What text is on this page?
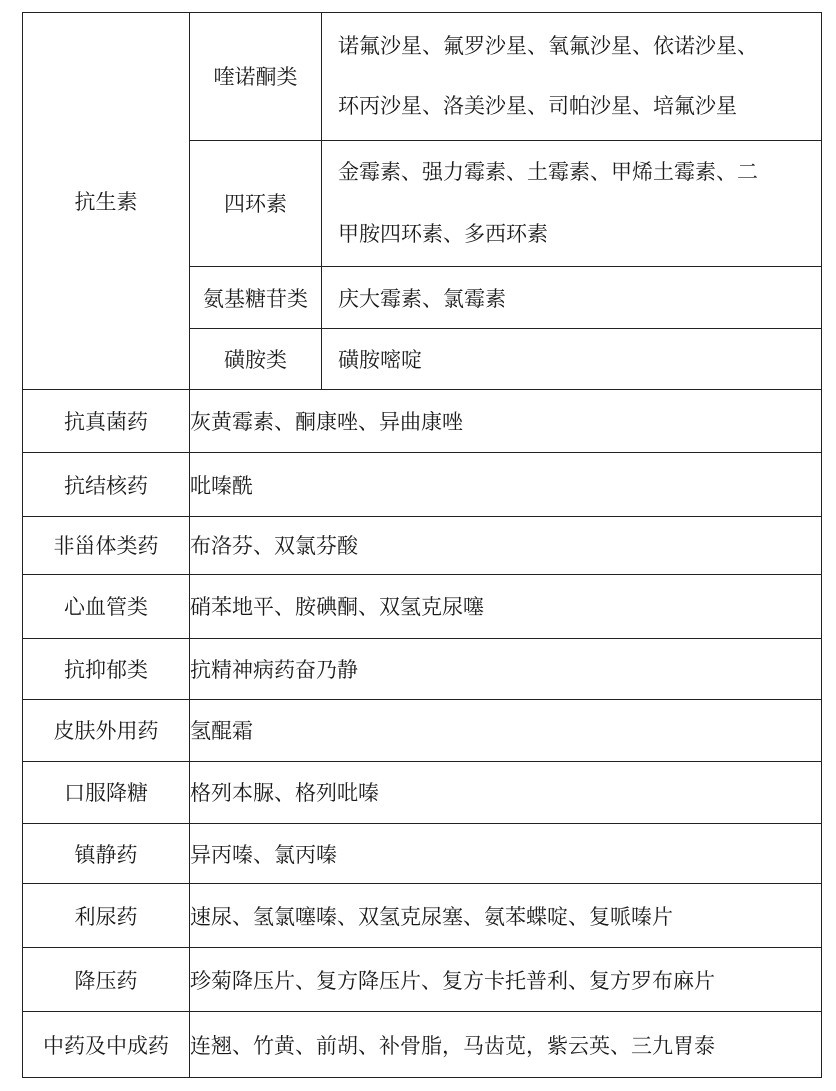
抗生素	喹诺酮类	诺氟沙星、氟罗沙星、氧氟沙星、依诺沙星、
环丙沙星、洛美沙星、司帕沙星、培氟沙星

	四环素	金霉素、强力霉素、土霉素、甲烯土霉素、二
甲胺四环素、多西环素

	氨基糖苷类	庆大霉素、氯霉素
	磺胺类	磺胺嘧啶
抗真菌药	灰黄霉素、酮康唑、异曲康唑	
抗结核药	吡嗪酰	
非甾体类药	布洛芬、双氯芬酸	
心血管类	硝苯地平、胺碘酮、双氢克尿噻	
抗抑郁类	抗精神病药奋乃静	
皮肤外用药	氢醌霜	
口服降糖	格列本脲、格列吡嗪	
镇静药	异丙嗪、氯丙嗪	
利尿药	速尿、氢氯噻嗪、双氢克尿塞、氨苯蝶啶、复哌嗪片	
降压药	珍菊降压片、复方降压片、复方卡托普利、复方罗布麻片	
中药及中成药	连翘、竹黄、前胡、补骨脂，马齿苋，紫云英、三九胃泰	
